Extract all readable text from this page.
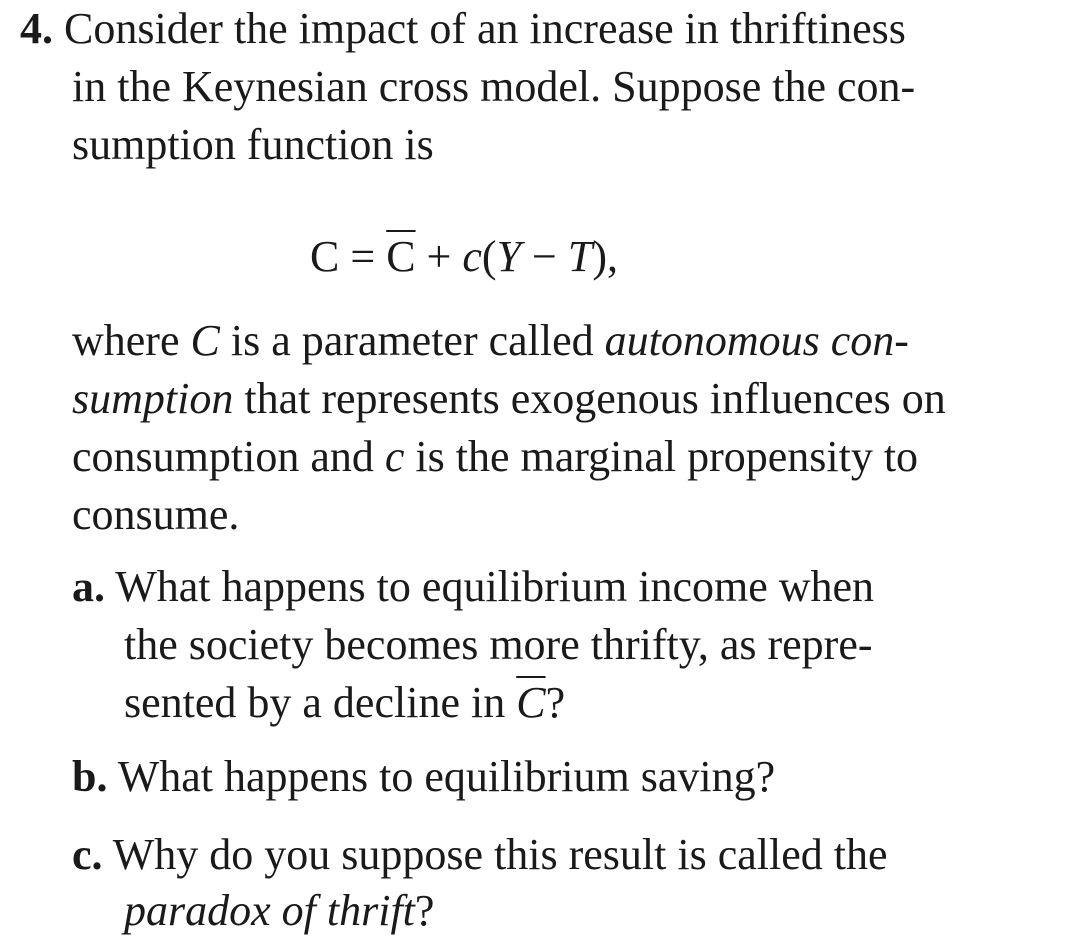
4. Consider the impact of an increase in thriftiness

in the Keynesian cross model. Suppose the con-

sumption function is

$C = \overline{C} + c(Y - T)$,

where C is a parameter called autonomous con-

sumption that represents exogenous influences on

consumption and c is the marginal propensity to

consume.

a. What happens to equilibrium income when

the society becomes more thrifty, as repre-

sented by a decline in $\overline{C}$?

b. What happens to equilibrium saving?

c. Why do you suppose this result is called the

paradox of thrift?
